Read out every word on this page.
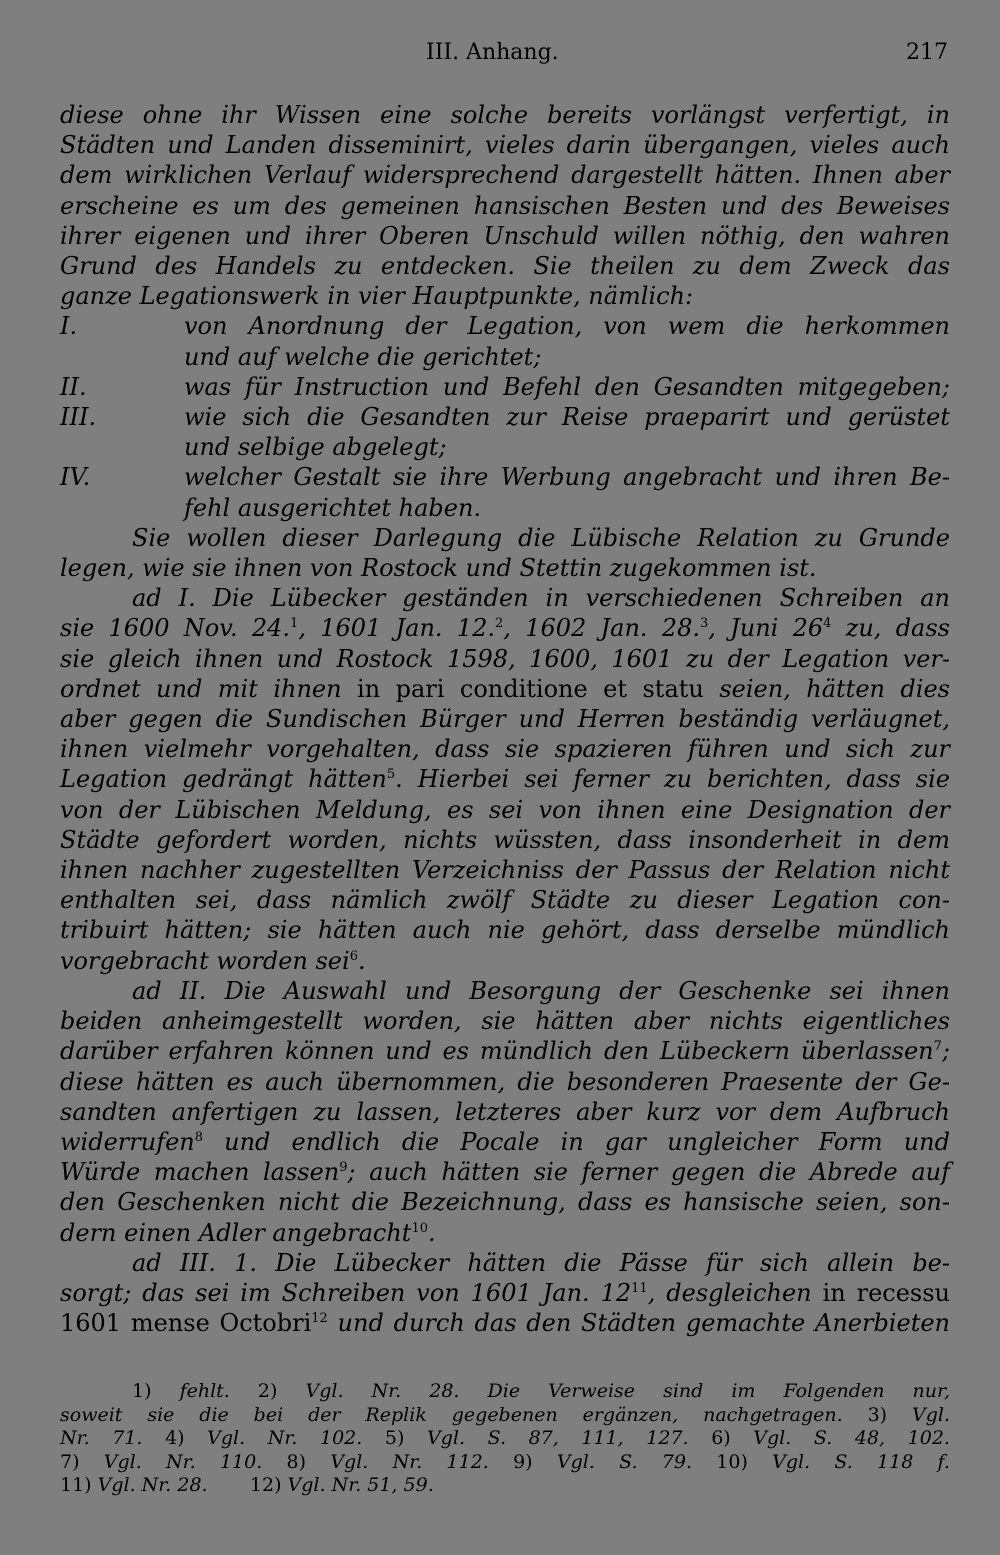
III. Anhang.	217
diese ohne ihr Wissen eine solche bereits vorlängst verfertigt, in
Städten und Landen disseminirt, vieles darin übergangen, vieles auch
dem wirklichen Verlauf widersprechend dargestellt hätten. Ihnen aber
erscheine es um des gemeinen hansischen Besten und des Beweises
ihrer eigenen und ihrer Oberen Unschuld willen nöthig, den wahren
Grund des Handels zu entdecken. Sie theilen zu dem Zweck das
ganze Legationswerk in vier Hauptpunkte, nämlich:
I.	von Anordnung der Legation, von wem die herkommen
und auf welche die gerichtet;
II.	was für Instruction und Befehl den Gesandten mitgegeben;
III.	wie sich die Gesandten zur Reise praeparirt und gerüstet
und selbige abgelegt;
IV.	welcher Gestalt sie ihre Werbung angebracht und ihren Be-
fehl ausgerichtet haben.
Sie wollen dieser Darlegung die Lübische Relation zu Grunde
legen, wie sie ihnen von Rostock und Stettin zugekommen ist.
ad I. Die Lübecker geständen in verschiedenen Schreiben an
sie 1600 Nov. 24.$^1$, 1601 Jan. 12.$^2$, 1602 Jan. 28.$^3$, Juni $26^4$ zu, dass
sie gleich ihnen und Rostock 1598, 1600, 1601 zu der Legation ver-
ordnet und mit ihnen in pari conditione et statu seien, hätten dies
aber gegen die Sundischen Bürger und Herren beständig verläugnet,
ihnen vielmehr vorgehalten, dass sie spazieren führen und sich zur
Legation gedrängt hätten$^5$. Hierbei sei ferner zu berichten, dass sie
von der Lübischen Meldung, es sei von ihnen eine Designation der
Städte gefordert worden, nichts wüssten, dass insonderheit in dem
ihnen nachher zugestellten Verzeichniss der Passus der Relation nicht
enthalten sei, dass nämlich zwölf Städte zu dieser Legation con-
tribuirt hätten; sie hätten auch nie gehört, dass derselbe mündlich
vorgebracht worden sei$^6$.
ad II. Die Auswahl und Besorgung der Geschenke sei ihnen
beiden anheimgestellt worden, sie hätten aber nichts eigentliches
darüber erfahren können und es mündlich den Lübeckern überlassen$^7$;
diese hätten es auch übernommen, die besonderen Praesente der Ge-
sandten anfertigen zu lassen, letzteres aber kurz vor dem Aufbruch
widerrufen$^8$ und endlich die Pocale in gar ungleicher Form und
Würde machen lassen$^9$; auch hätten sie ferner gegen die Abrede auf
den Geschenken nicht die Bezeichnung, dass es hansische seien, son-
dern einen Adler angebracht$^{10}$.
ad III. 1. Die Lübecker hätten die Pässe für sich allein be-
sorgt; das sei im Schreiben von 1601 Jan. $12^{11}$, desgleichen in recessu
1601 mense Octobri$^{12}$ und durch das den Städten gemachte Anerbieten
1) fehlt. 2) Vgl. Nr. 28. Die Verweise sind im Folgenden nur,
soweit sie die bei der Replik gegebenen ergänzen, nachgetragen. 3) Vgl.
Nr. 71. 4) Vgl. Nr. 102. 5) Vgl. S. 87, 111, 127. 6) Vgl. S. 48, 102.
7) Vgl. Nr. 110. 8) Vgl. Nr. 112. 9) Vgl. S. 79. 10) Vgl. S. 118 f.
11) Vgl. Nr. 28. 12) Vgl. Nr. 51, 59.
